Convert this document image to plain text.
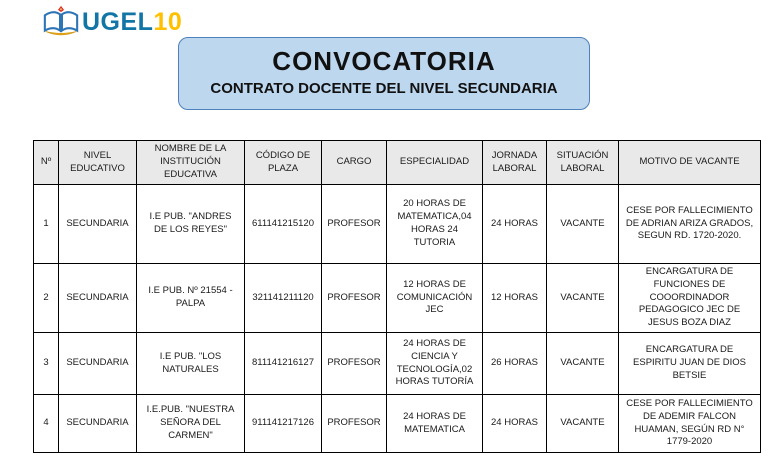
UGEL10
CONVOCATORIA
CONTRATO DOCENTE DEL NIVEL SECUNDARIA
Nº	NIVEL EDUCATIVO	NOMBRE DE LA INSTITUCIÓN EDUCATIVA	CÓDIGO DE PLAZA	CARGO	ESPECIALIDAD	JORNADA LABORAL	SITUACIÓN LABORAL	MOTIVO DE VACANTE
1	SECUNDARIA	I.E PUB. "ANDRES DE LOS REYES"	611141215120	PROFESOR	20 HORAS DE MATEMATICA,04 HORAS 24 TUTORIA	24 HORAS	VACANTE	CESE POR FALLECIMIENTO DE ADRIAN ARIZA GRADOS, SEGUN RD. 1720-2020.
2	SECUNDARIA	I.E PUB. Nº 21554 - PALPA	321141211120	PROFESOR	12 HORAS DE COMUNICACIÓN JEC	12 HORAS	VACANTE	ENCARGATURA DE FUNCIONES DE COOORDINADOR PEDAGOGICO JEC DE JESUS BOZA DIAZ
3	SECUNDARIA	I.E PUB. "LOS NATURALES	811141216127	PROFESOR	24 HORAS DE CIENCIA Y TECNOLOGÍA,02 HORAS TUTORÍA	26 HORAS	VACANTE	ENCARGATURA DE ESPIRITU JUAN DE DIOS BETSIE
4	SECUNDARIA	I.E.PUB. "NUESTRA SEÑORA DEL CARMEN"	911141217126	PROFESOR	24 HORAS DE MATEMATICA	24 HORAS	VACANTE	CESE POR FALLECIMIENTO DE ADEMIR FALCON HUAMAN, SEGÚN RD N° 1779-2020
